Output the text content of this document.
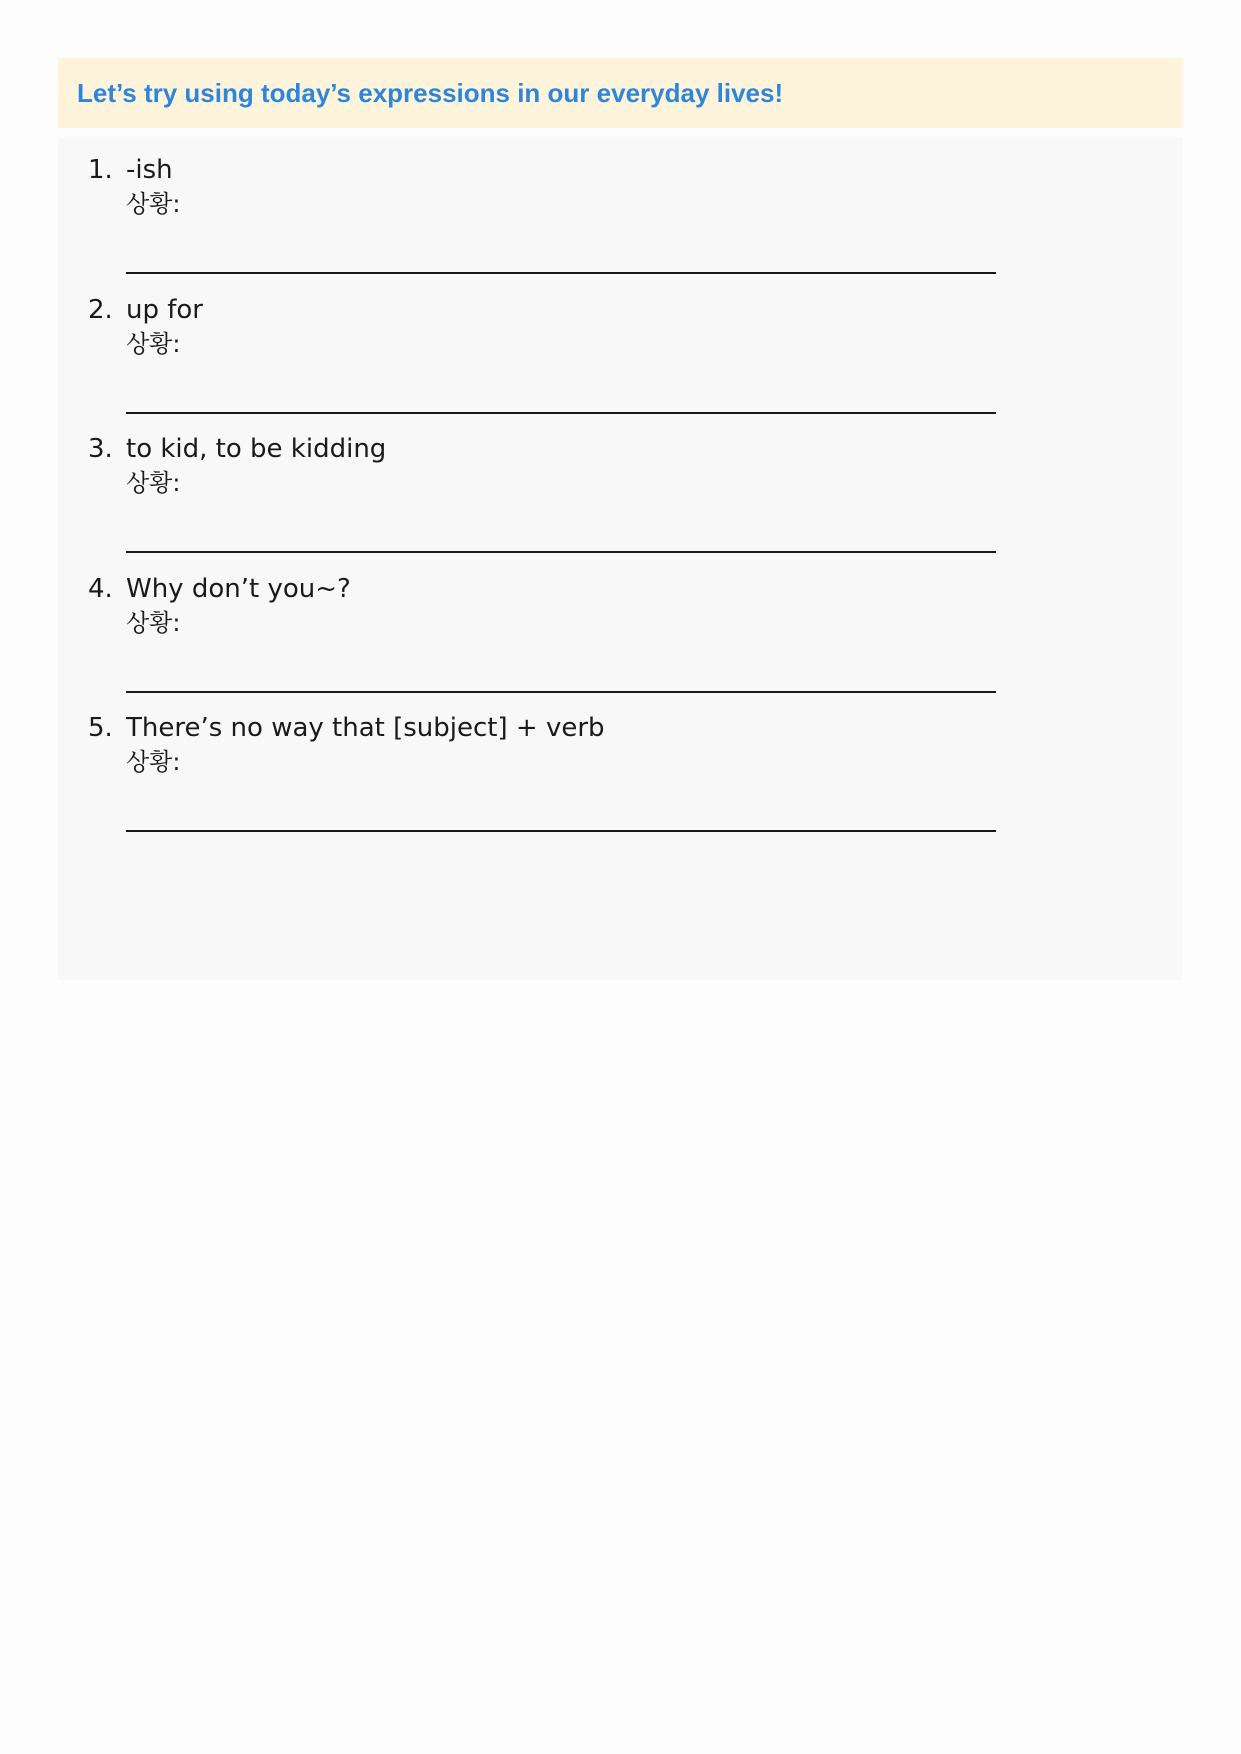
Let’s try using today’s expressions in our everyday lives!
1. -ish
상황:
2. up for
상황:
3. to kid, to be kidding
상황:
4. Why don’t you~?
상황:
5. There’s no way that [subject] + verb
상황:
